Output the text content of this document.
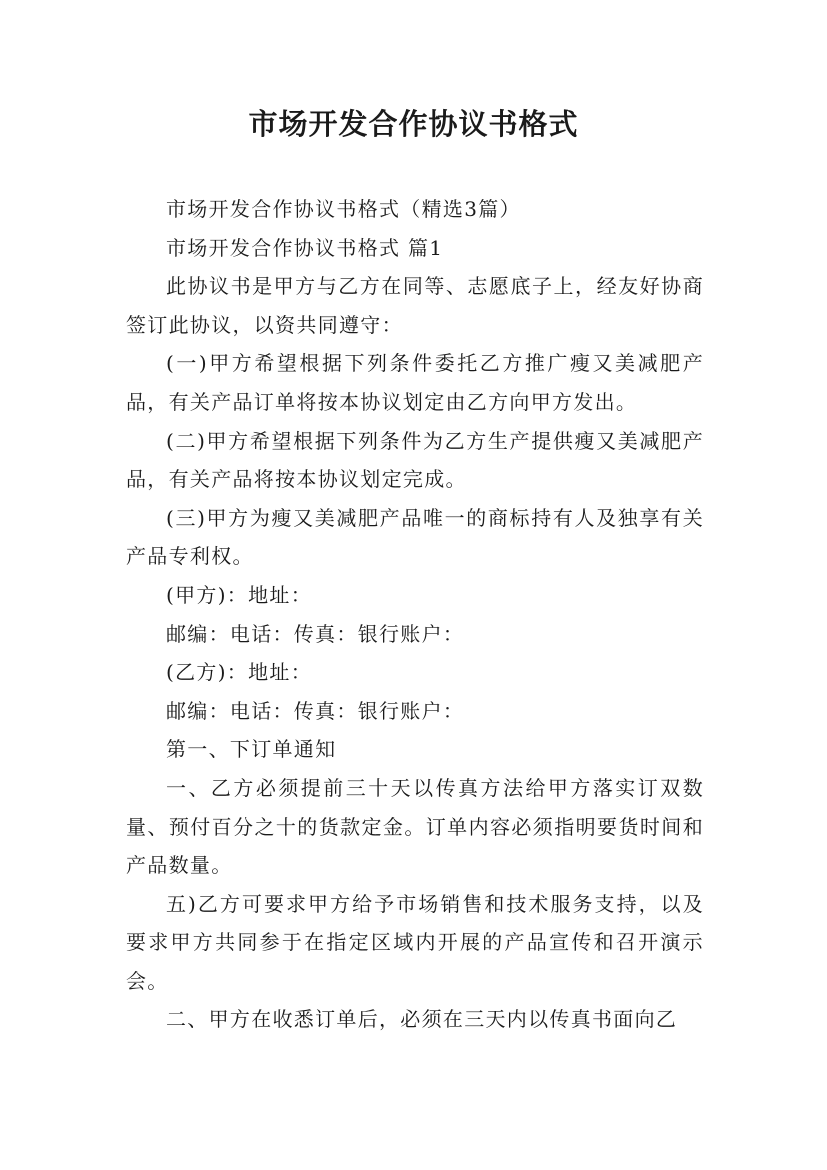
市场开发合作协议书格式

市场开发合作协议书格式（精选3篇）

市场开发合作协议书格式 篇1

此协议书是甲方与乙方在同等、志愿底子上，经友好协商签订此协议，以资共同遵守：

(一)甲方希望根据下列条件委托乙方推广瘦又美减肥产品，有关产品订单将按本协议划定由乙方向甲方发出。

(二)甲方希望根据下列条件为乙方生产提供瘦又美减肥产品，有关产品将按本协议划定完成。

(三)甲方为瘦又美减肥产品唯一的商标持有人及独享有关产品专利权。

(甲方)：地址：

邮编：电话：传真：银行账户：

(乙方)：地址：

邮编：电话：传真：银行账户：

第一、下订单通知

一、乙方必须提前三十天以传真方法给甲方落实订双数量、预付百分之十的货款定金。订单内容必须指明要货时间和产品数量。

五)乙方可要求甲方给予市场销售和技术服务支持，以及要求甲方共同参于在指定区域内开展的产品宣传和召开演示会。

二、甲方在收悉订单后，必须在三天内以传真书面向乙
